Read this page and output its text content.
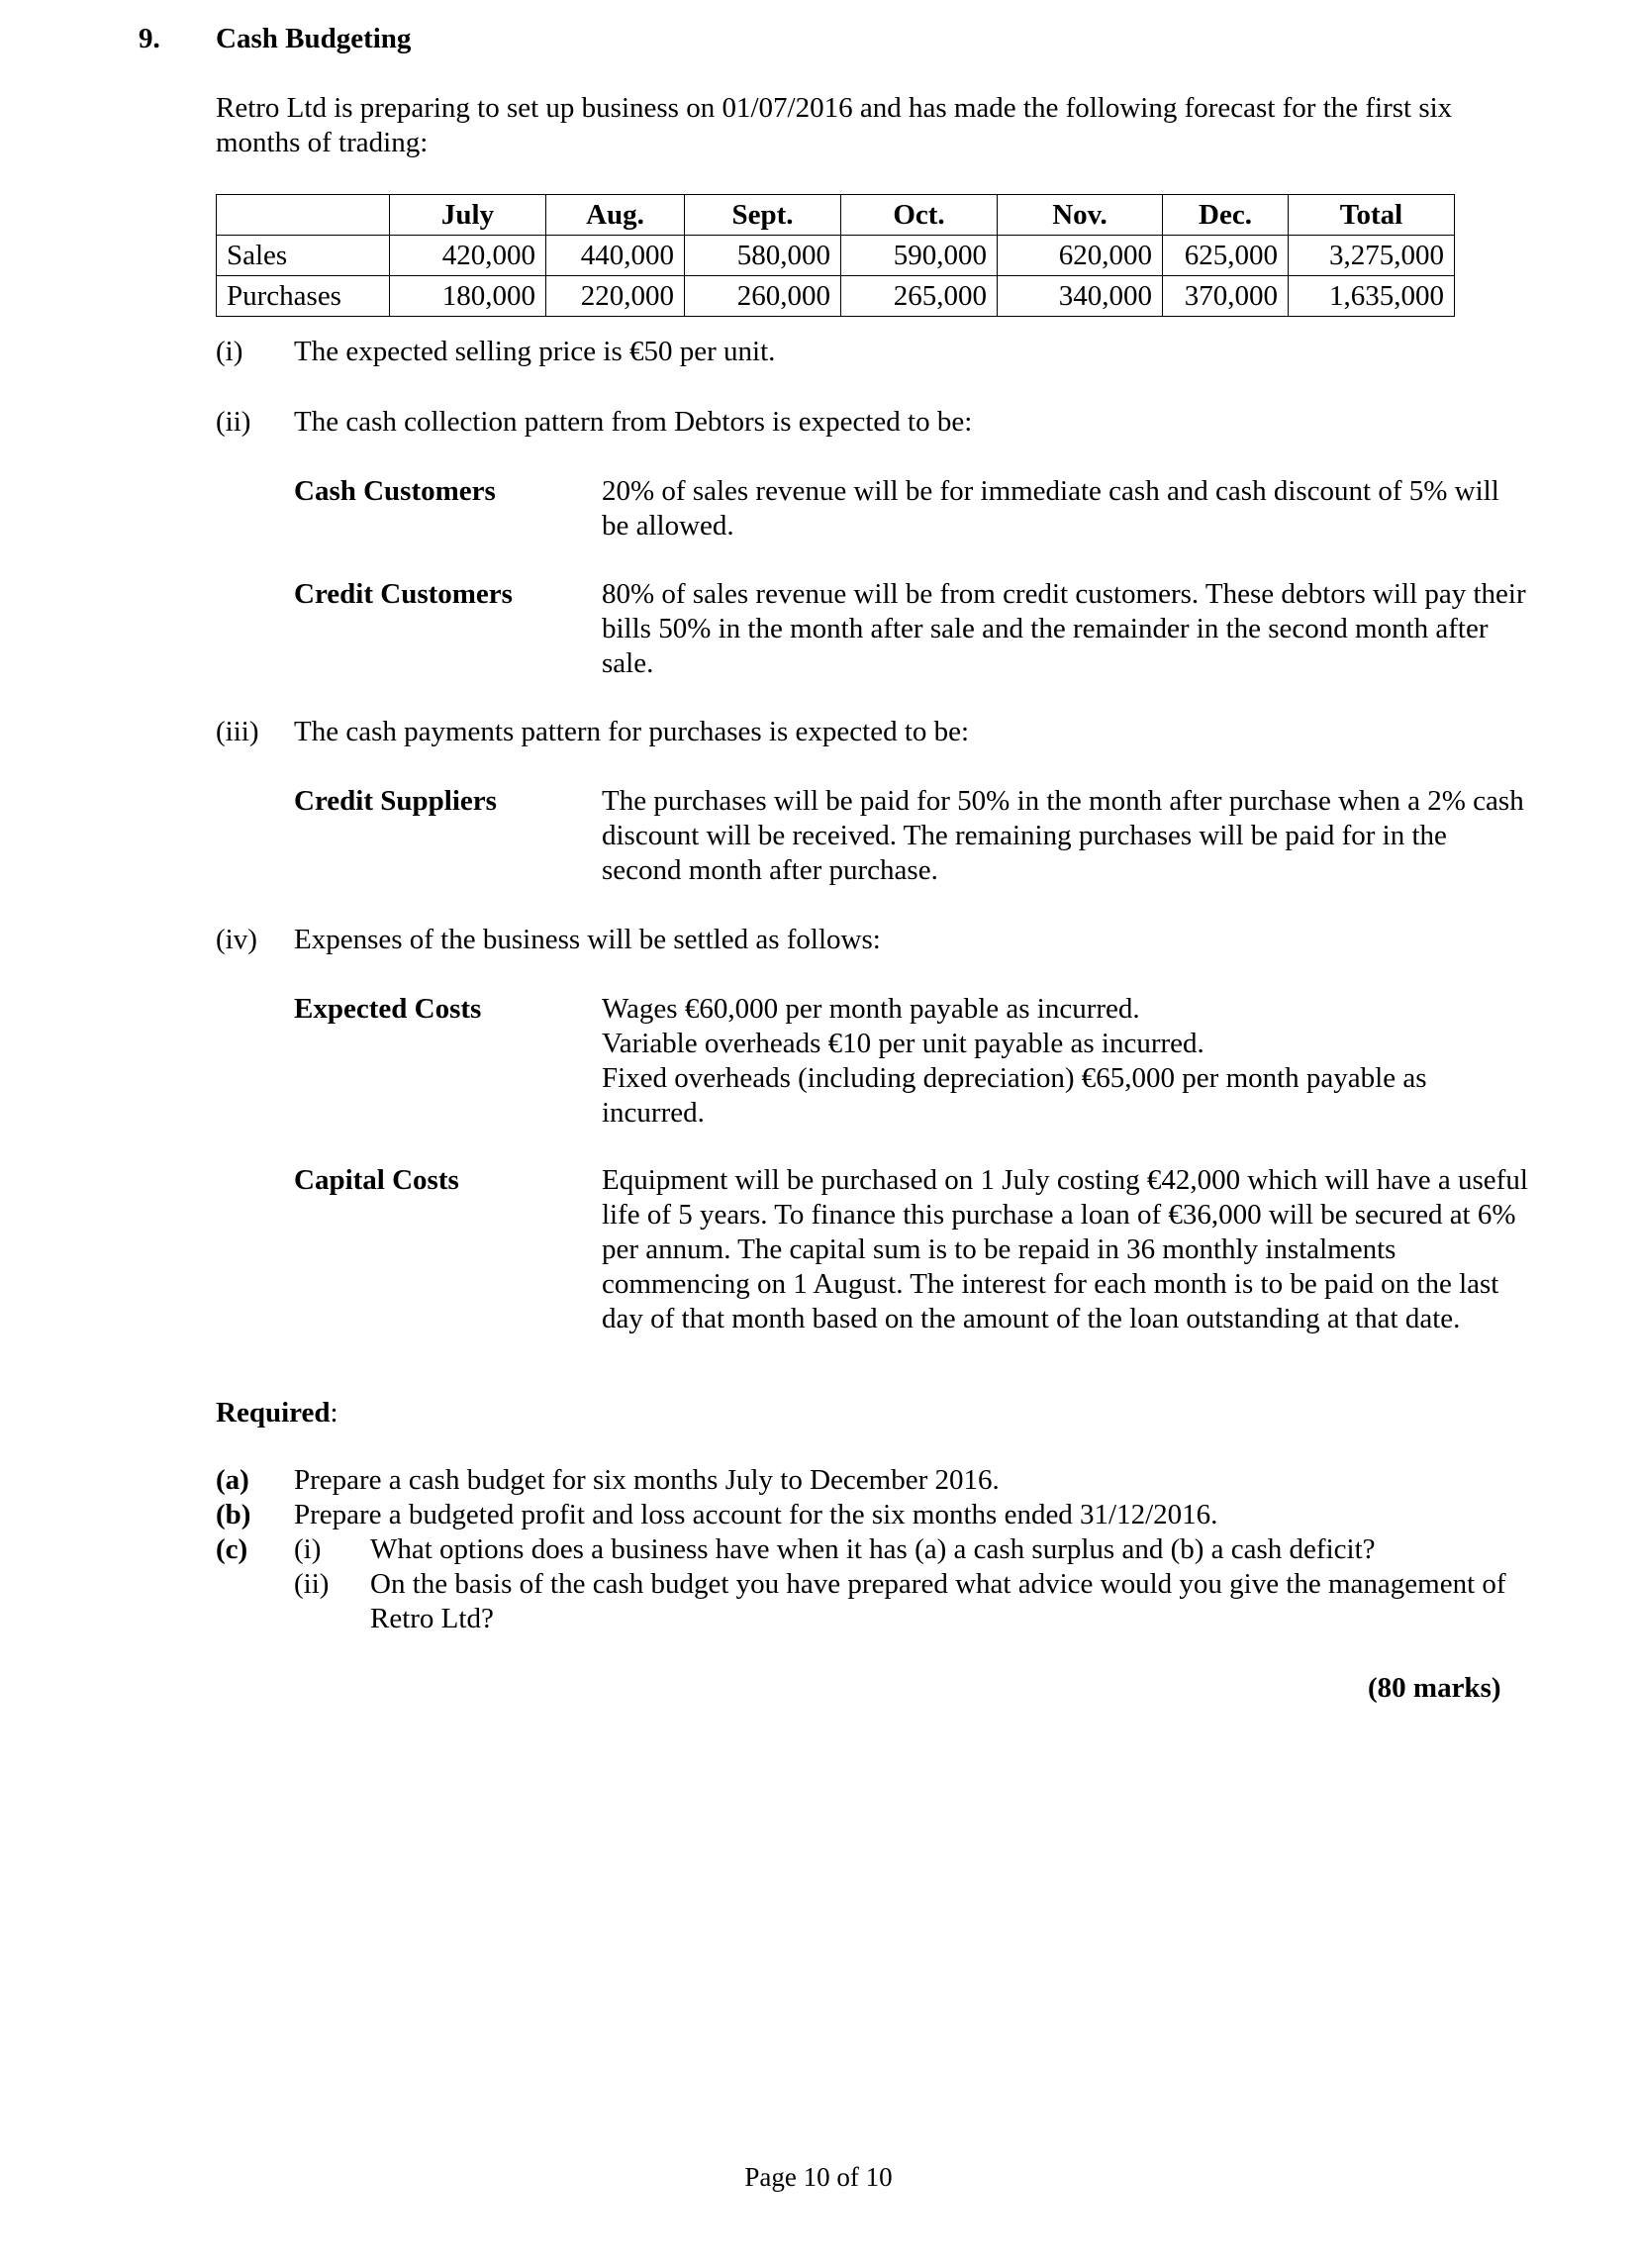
9. Cash Budgeting
Retro Ltd is preparing to set up business on 01/07/2016 and has made the following forecast for the first six months of trading:
	July	Aug.	Sept.	Oct.	Nov.	Dec.	Total
Sales	420,000	440,000	580,000	590,000	620,000	625,000	3,275,000
Purchases	180,000	220,000	260,000	265,000	340,000	370,000	1,635,000
(i) The expected selling price is €50 per unit.
(ii) The cash collection pattern from Debtors is expected to be:
Cash Customers	20% of sales revenue will be for immediate cash and cash discount of 5% will be allowed.
Credit Customers	80% of sales revenue will be from credit customers. These debtors will pay their bills 50% in the month after sale and the remainder in the second month after sale.
(iii) The cash payments pattern for purchases is expected to be:
Credit Suppliers	The purchases will be paid for 50% in the month after purchase when a 2% cash discount will be received. The remaining purchases will be paid for in the second month after purchase.
(iv) Expenses of the business will be settled as follows:
Expected Costs	Wages €60,000 per month payable as incurred.
Variable overheads €10 per unit payable as incurred.
Fixed overheads (including depreciation) €65,000 per month payable as incurred.
Capital Costs	Equipment will be purchased on 1 July costing €42,000 which will have a useful life of 5 years. To finance this purchase a loan of €36,000 will be secured at 6% per annum. The capital sum is to be repaid in 36 monthly instalments commencing on 1 August. The interest for each month is to be paid on the last day of that month based on the amount of the loan outstanding at that date.
Required:
(a) Prepare a cash budget for six months July to December 2016.
(b) Prepare a budgeted profit and loss account for the six months ended 31/12/2016.
(c) (i) What options does a business have when it has (a) a cash surplus and (b) a cash deficit?
(ii) On the basis of the cash budget you have prepared what advice would you give the management of Retro Ltd?
(80 marks)
Page 10 of 10
